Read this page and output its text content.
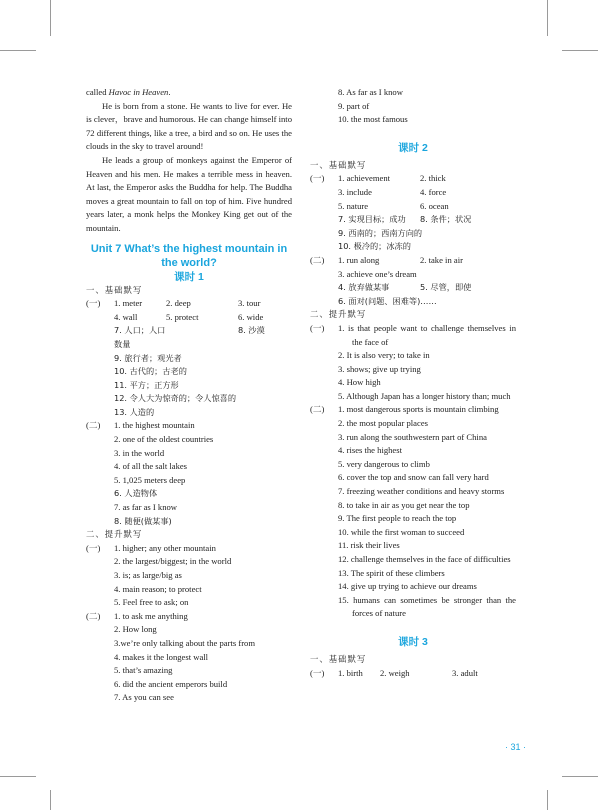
called Havoc in Heaven.

He is born from a stone. He wants to live for ever. He is clever，brave and humorous. He can change himself into 72 different things, like a tree, a bird and so on. He uses the clouds in the sky to travel around!

He leads a group of monkeys against the Emperor of Heaven and his men. He makes a terrible mess in heaven. At last, the Emperor asks the Buddha for help. The Buddha moves a great mountain to fall on top of him. Five hundred years later, a monk helps the Monkey King get out of the mountain.

Unit 7 What’s the highest mountain in the world?
课时 1
一、基础默写
(一) 1. meter	2. deep	3. tour
4. wall	5. protect	6. wide
7. 人口；人口数量
8. 沙漠
9. 旅行者；观光者
10. 古代的；古老的
11. 平方；正方形
12. 令人大为惊奇的；令人惊喜的
13. 人造的
(二) 1. the highest mountain
2. one of the oldest countries
3. in the world
4. of all the salt lakes
5. 1,025 meters deep
6. 人造物体
7. as far as I know
8. 随便(做某事)
二、提升默写
(一) 1. higher; any other mountain
2. the largest/biggest; in the world
3. is; as large/big as
4. main reason; to protect
5. Feel free to ask; on
(二) 1. to ask me anything
2. How long
3.we’re only talking about the parts from
4. makes it the longest wall
5. that’s amazing
6. did the ancient emperors build
7. As you can see
8. As far as I know
9. part of
10. the most famous
课时 2
一、基础默写
(一) 1. achievement	2. thick
3. include	4. force
5. nature	6. ocean
7. 实现目标；成功	8. 条件；状况
9. 西南的；西南方向的
10. 极冷的；冰冻的
(二) 1. run along	2. take in air
3. achieve one’s dream
4. 放弃做某事	5. 尽管，即使
6. 面对(问题、困难等)……
二、提升默写
(一) 1. is that people want to challenge themselves in the face of
2. It is also very; to take in
3. shows; give up trying
4. How high
5. Although Japan has a longer history than; much
(二) 1. most dangerous sports is mountain climbing
2. the most popular places
3. run along the southwestern part of China
4. rises the highest
5. very dangerous to climb
6. cover the top and snow can fall very hard
7. freezing weather conditions and heavy storms
8. to take in air as you get near the top
9. The first people to reach the top
10. while the first woman to succeed
11. risk their lives
12. challenge themselves in the face of difficulties
13. The spirit of these climbers
14. give up trying to achieve our dreams
15. humans can sometimes be stronger than the forces of nature
课时 3
一、基础默写
(一) 1. birth	2. weigh	3. adult
· 31 ·
